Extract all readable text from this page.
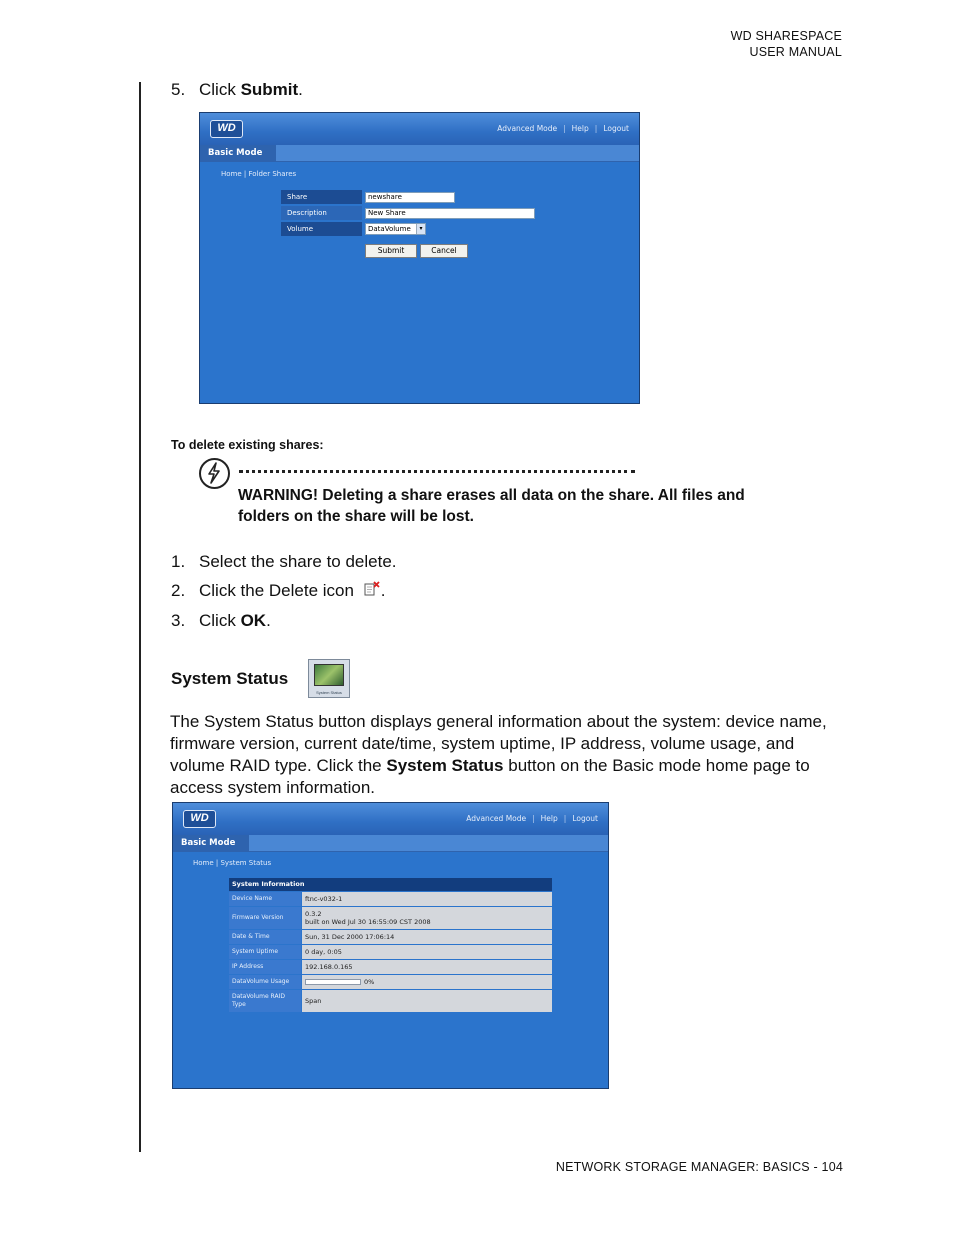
WD SHARESPACE
USER MANUAL
5. Click Submit.
WD	Advanced Mode | Help | Logout
Basic Mode
Home | Folder Shares
Share	newshare
Description	New Share
Volume	DataVolume	▾
Submit	Cancel
To delete existing shares:
WARNING! Deleting a share erases all data on the share. All files and
folders on the share will be lost.
1. Select the share to delete.
2. Click the Delete icon .
3. Click OK.
System Status
System Status
The System Status button displays general information about the system: device name, firmware version, current date/time, system uptime, IP address, volume usage, and volume RAID type. Click the System Status button on the Basic mode home page to access system information.
WD	Advanced Mode | Help | Logout
Basic Mode
Home | System Status
System Information
Device Name	ftnc-v032-1
Firmware Version	0.3.2
built on Wed Jul 30 16:55:09 CST 2008
Date & Time	Sun, 31 Dec 2000 17:06:14
System Uptime	0 day, 0:05
IP Address	192.168.0.165
DataVolume Usage	0%
DataVolume RAID
Type	Span
NETWORK STORAGE MANAGER: BASICS - 104
